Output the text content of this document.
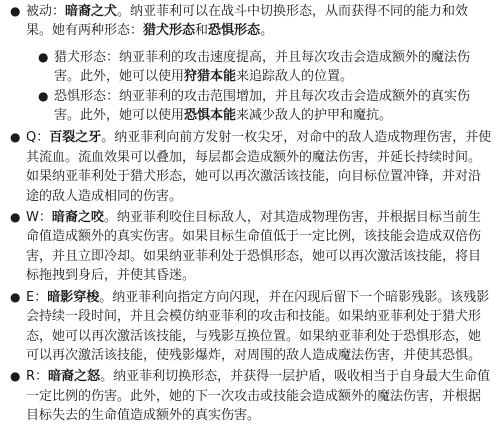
● 被动：暗裔之犬。纳亚菲利可以在战斗中切换形态，从而获得不同的能力和效果。她有两种形态：猎犬形态和恐惧形态。
● 猎犬形态：纳亚菲利的攻击速度提高，并且每次攻击会造成额外的魔法伤害。此外，她可以使用狩猎本能来追踪敌人的位置。
● 恐惧形态：纳亚菲利的攻击范围增加，并且每次攻击会造成额外的真实伤害。此外，她可以使用恐惧本能来减少敌人的护甲和魔抗。
● Q：百裂之牙。纳亚菲利向前方发射一枚尖牙，对命中的敌人造成物理伤害，并使其流血。流血效果可以叠加，每层都会造成额外的魔法伤害，并延长持续时间。如果纳亚菲利处于猎犬形态，她可以再次激活该技能，向目标位置冲锋，并对沿途的敌人造成相同的伤害。
● W：暗裔之咬。纳亚菲利咬住目标敌人，对其造成物理伤害，并根据目标当前生命值造成额外的真实伤害。如果目标生命值低于一定比例，该技能会造成双倍伤害，并且立即冷却。如果纳亚菲利处于恐惧形态，她可以再次激活该技能，将目标拖拽到身后，并使其昏迷。
● E：暗影穿梭。纳亚菲利向指定方向闪现，并在闪现后留下一个暗影残影。该残影会持续一段时间，并且会模仿纳亚菲利的攻击和技能。如果纳亚菲利处于猎犬形态，她可以再次激活该技能，与残影互换位置。如果纳亚菲利处于恐惧形态，她可以再次激活该技能，使残影爆炸，对周围的敌人造成魔法伤害，并使其恐惧。
● R：暗裔之怒。纳亚菲利切换形态，并获得一层护盾，吸收相当于自身最大生命值一定比例的伤害。此外，她的下一次攻击或技能会造成额外的魔法伤害，并根据目标失去的生命值造成额外的真实伤害。
